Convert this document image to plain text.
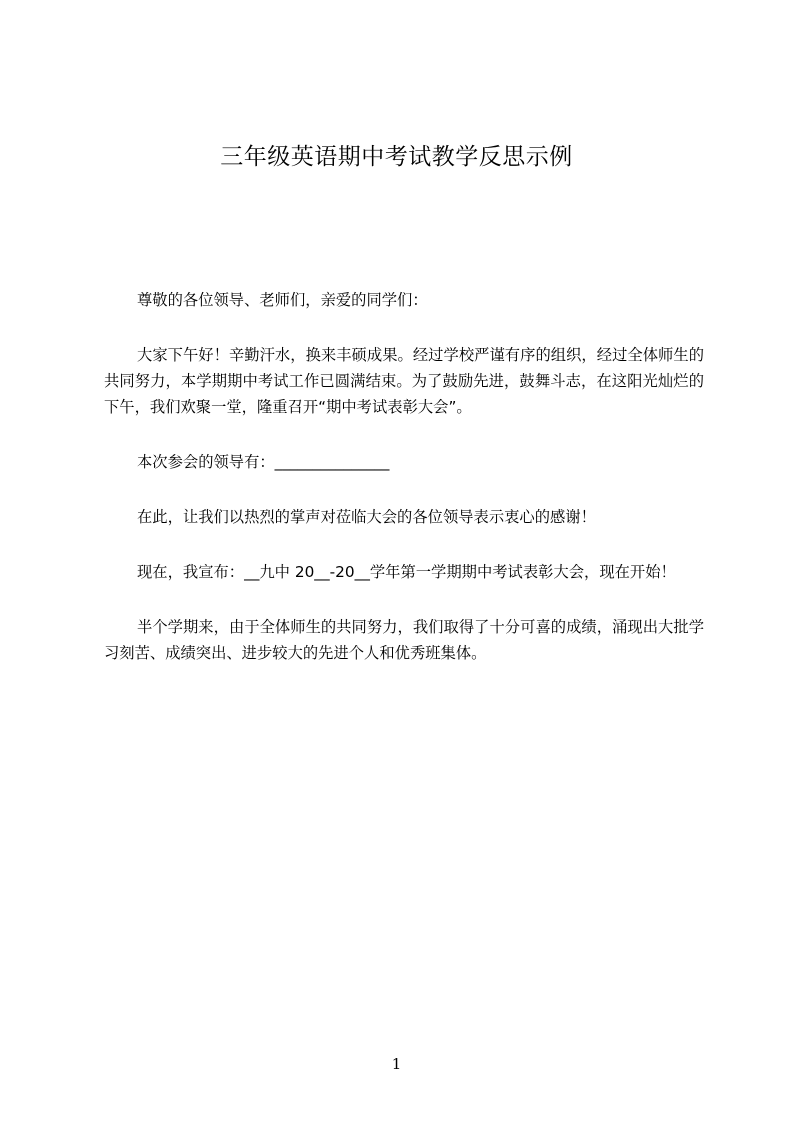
三年级英语期中考试教学反思示例

尊敬的各位领导、老师们，亲爱的同学们：

大家下午好！辛勤汗水，换来丰硕成果。经过学校严谨有序的组织，经过全体师生的共同努力，本学期期中考试工作已圆满结束。为了鼓励先进，鼓舞斗志，在这阳光灿烂的下午，我们欢聚一堂，隆重召开“期中考试表彰大会”。

本次参会的领导有：_______________

在此，让我们以热烈的掌声对莅临大会的各位领导表示衷心的感谢！

现在，我宣布：__九中 20__-20__学年第一学期期中考试表彰大会，现在开始！

半个学期来，由于全体师生的共同努力，我们取得了十分可喜的成绩，涌现出大批学习刻苦、成绩突出、进步较大的先进个人和优秀班集体。

1
